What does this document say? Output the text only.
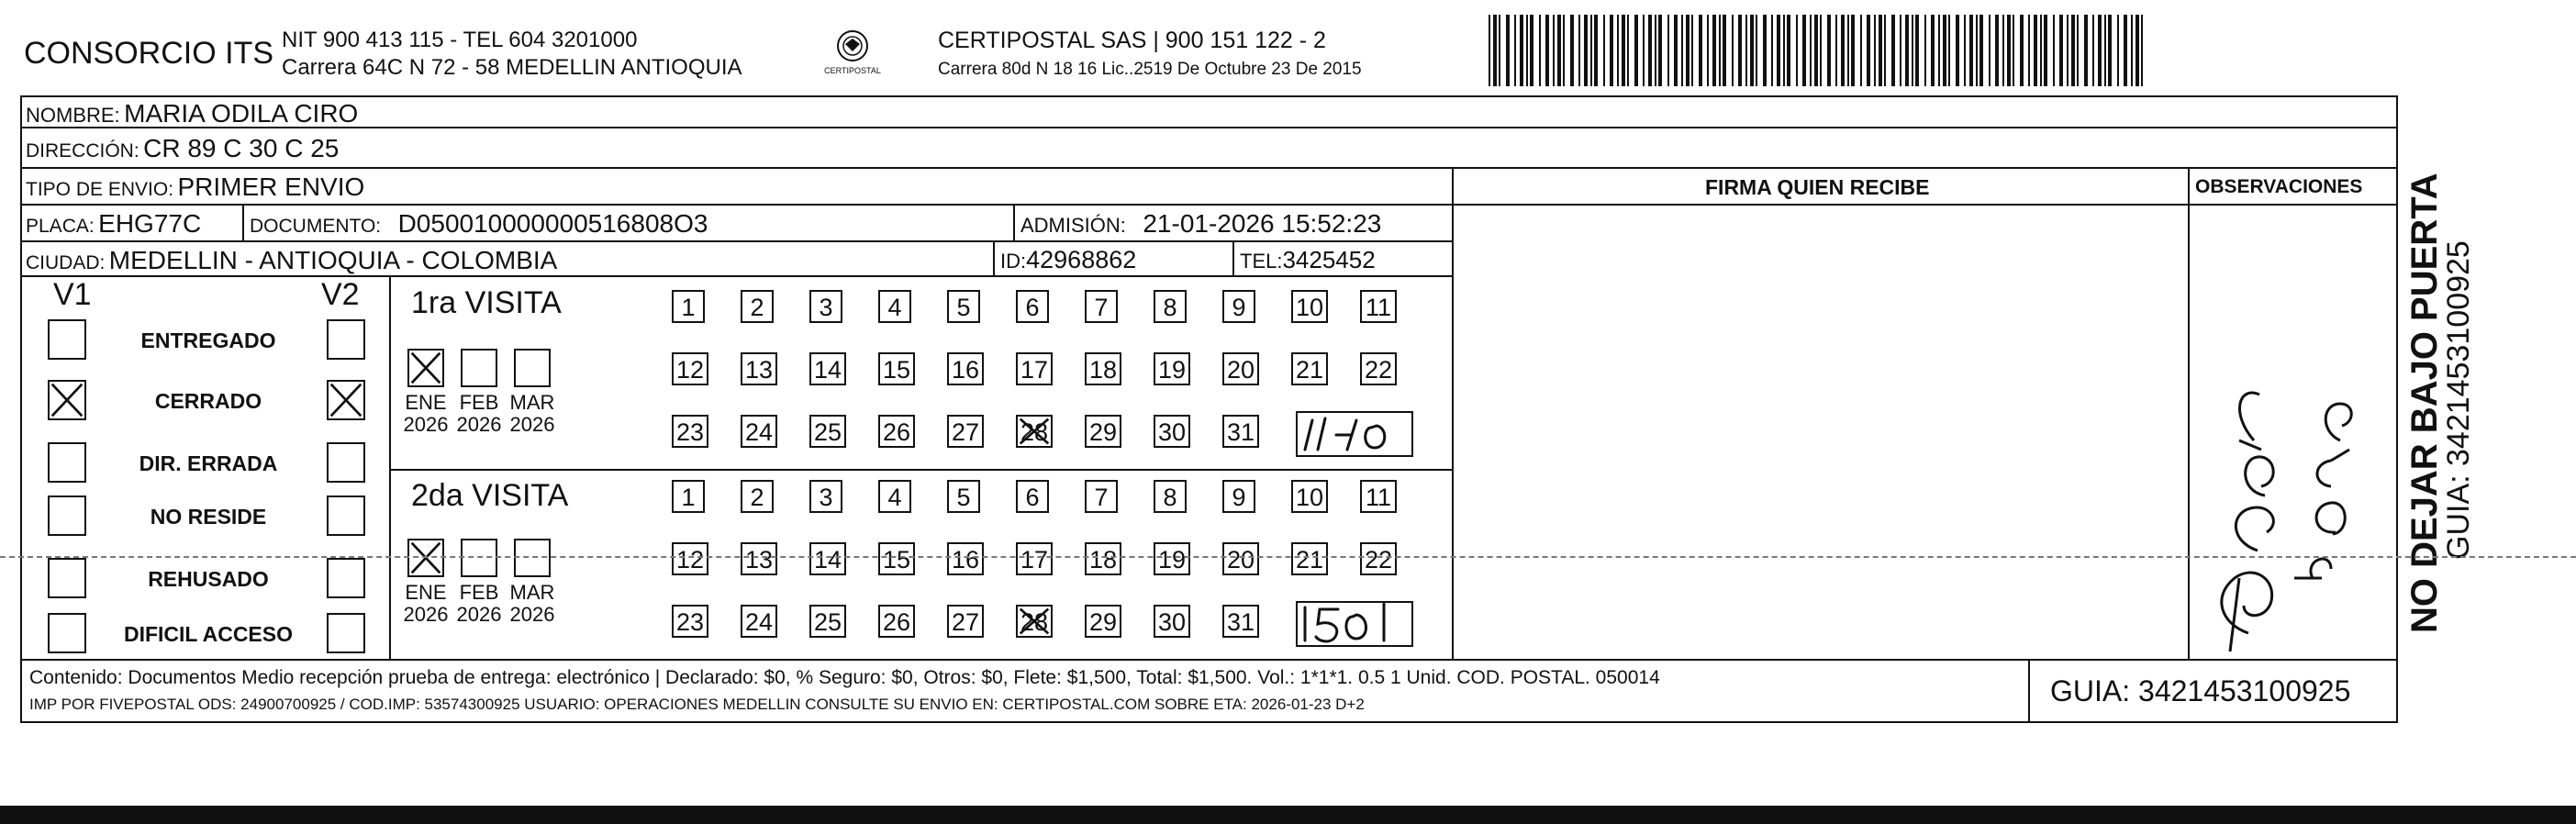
CONSORCIO ITS NIT 900 413 115 - TEL 604 3201000
Carrera 64C N 72 - 58 MEDELLIN ANTIOQUIA	CERTIPOSTAL
CERTIPOSTAL SAS | 900 151 122 - 2
Carrera 80d N 18 16 Lic..2519 De Octubre 23 De 2015
NOMBRE: MARIA ODILA CIRO
DIRECCIÓN: CR 89 C 30 C 25
TIPO DE ENVIO: PRIMER ENVIO
PLACA: EHG77C	DOCUMENTO: D050010000000516808O3	ADMISIÓN: 21-01-2026 15:52:23
CIUDAD: MEDELLIN - ANTIOQUIA - COLOMBIA	ID:42968862	TEL:3425452
FIRMA QUIEN RECIBE	OBSERVACIONES
V1	V2
ENTREGADO
CERRADO
DIR. ERRADA
NO RESIDE
REHUSADO
DIFICIL ACCESO
1ra VISITA
2da VISITA
ENE
2026
FEB
2026
MAR
2026
1	2	3	4	5	6	7	8	9	10 11
12 13 14 15 16 17 18 19 20 21 22
23 24 25 26 27 28 29 30 31
ENE
2026
FEB
2026
MAR
2026
1	2	3	4	5	6	7	8	9	10 11
12 13 14 15 16 17 18 19 20 21 22
23 24 25 26 27 28 29 30 31
Contenido: Documentos Medio recepción prueba de entrega: electrónico | Declarado: $0, % Seguro: $0, Otros: $0, Flete: $1,500, Total: $1,500. Vol.: 1*1*1. 0.5 1 Unid. COD. POSTAL. 050014
IMP POR FIVEPOSTAL ODS: 24900700925 / COD.IMP: 53574300925 USUARIO: OPERACIONES MEDELLIN CONSULTE SU ENVIO EN: CERTIPOSTAL.COM SOBRE ETA: 2026-01-23 D+2	GUIA: 3421453100925
NO DEJAR BAJO PUERTA
GUIA: 3421453100925
